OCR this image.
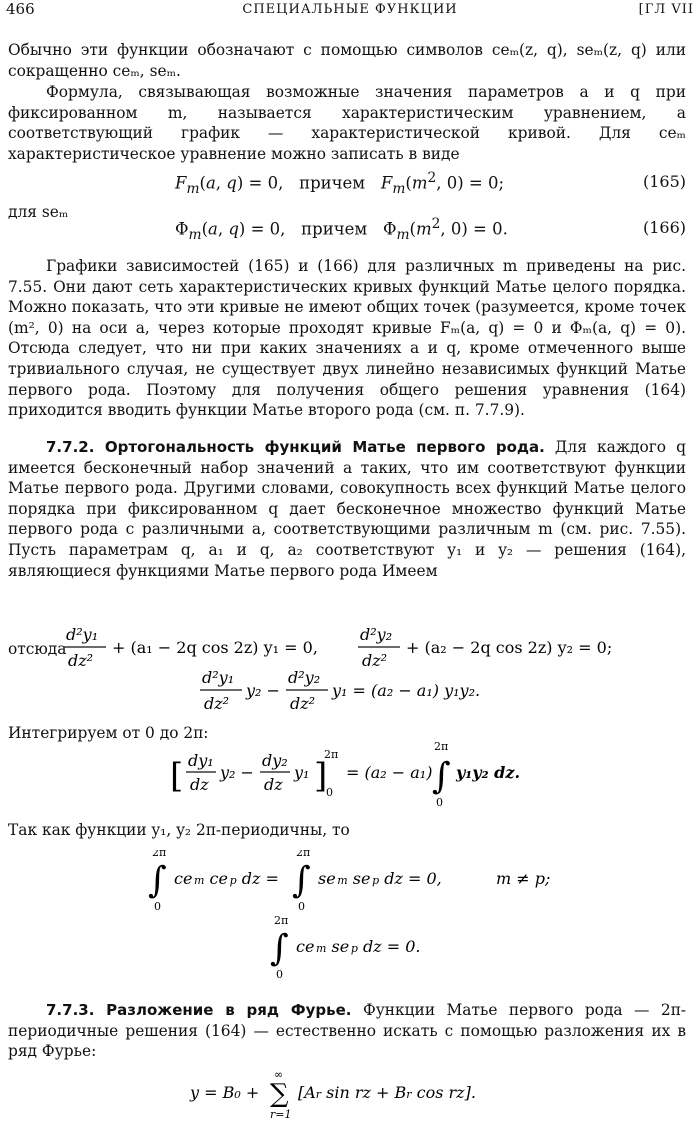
466	СПЕЦИАЛЬНЫЕ ФУНКЦИИ	[ГЛ VII
Обычно эти функции обозначают с помощью символов ceₘ(z, q), seₘ(z, q) или сокращенно ceₘ, seₘ.
Формула, связывающая возможные значения параметров a и q при фиксированном m, называется характеристическим уравнением, а соответствующий график — характеристической кривой. Для ceₘ характеристическое уравнение можно записать в виде
$F_m(a$, q) = 0,   причем $F_m(m^2$, 0) = 0;	(165)
для seₘ
$\Phi_m(a$, q) = 0,   причем   $\Phi_m(m^2$, 0) = 0.	(166)
Графики зависимостей (165) и (166) для различных m приведены на рис. 7.55. Они дают сеть характеристических кривых функций Матье целого порядка. Можно показать, что эти кривые не имеют общих точек (разумеется, кроме точек (m², 0) на оси a, через которые проходят кривые Fₘ(a, q) = 0 и Φₘ(a, q) = 0). Отсюда следует, что ни при каких значениях a и q, кроме отмеченного выше тривиального случая, не существует двух линейно независимых функций Матье первого рода. Поэтому для получения общего решения уравнения (164) приходится вводить функции Матье второго рода (см. п. 7.7.9).
7.7.2. Ортогональность функций Матье первого рода. Для каждого q имеется бесконечный набор значений a таких, что им соответствуют функции Матье первого рода. Другими словами, совокупность всех функций Матье целого порядка при фиксированном q дает бесконечное множество функций Матье первого рода с различными a, соответствующими различным m (см. рис. 7.55). Пусть параметрам q, a₁ и q, a₂ соответствуют y₁ и y₂ — решения (164), являющиеся функциями Матье первого рода Имеем
d²y₁
dz²
+ (a₁ − 2q cos 2z) y₁ = 0,
d²y₂
dz²
+ (a₂ − 2q cos 2z) y₂ = 0;
отсюда
d²y₁
dz²
y₂ −
d²y₂
dz²
y₁ = (a₂ − a₁) y₁y₂.
Интегрируем от 0 до 2π:
[ dy₁
dz
y₂ −
dy₂
dz
y₁ ]
2π
0
= (a₂ − a₁) ∫
2π
0
y₁y₂ dz.
Так как функции y₁, y₂ 2π-периодичны, то
∫
2π
0
ce m ce p dz = ∫
2π
0
se m se p dz = 0,	m ≠ p;
∫
2π
0
ce m se p dz = 0.
7.7.3. Разложение в ряд Фурье. Функции Матье первого рода — 2π-периодичные решения (164) — естественно искать с помощью разложения их в ряд Фурье:
y = B₀ + ∑
∞
r=1
[Ar sin rz + Br cos rz].
